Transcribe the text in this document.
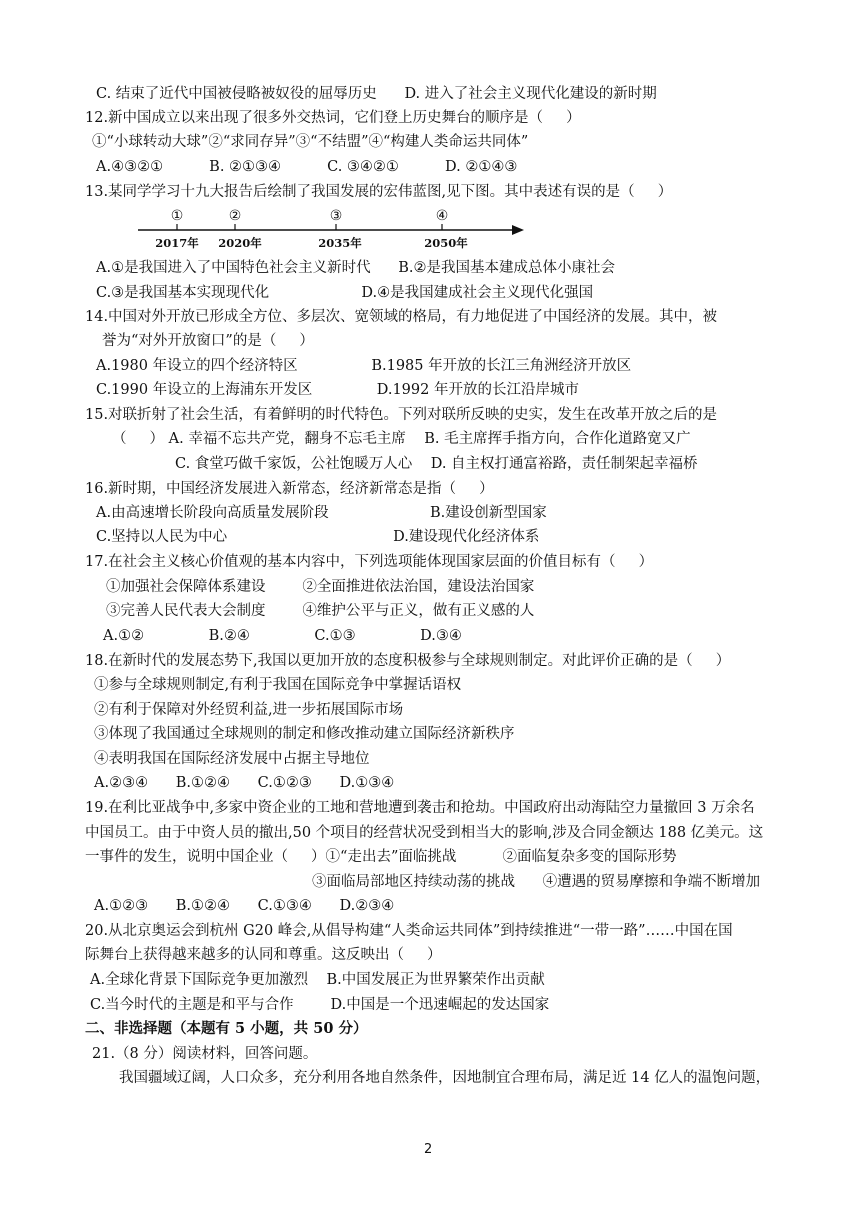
C. 结束了近代中国被侵略被奴役的屈辱历史      D. 进入了社会主义现代化建设的新时期
12.新中国成立以来出现了很多外交热词，它们登上历史舞台的顺序是（     ）
①“小球转动大球”②“求同存异”③“不结盟”④“构建人类命运共同体”
A.④③②①          B. ②①③④          C. ③④②①          D. ②①④③
13.某同学学习十九大报告后绘制了我国发展的宏伟蓝图,见下图。其中表述有误的是（     ）
①	②	③	④
2017年 2020年	2035年	2050年
A.①是我国进入了中国特色社会主义新时代      B.②是我国基本建成总体小康社会
C.③是我国基本实现现代化                    D.④是我国建成社会主义现代化强国
14.中国对外开放已形成全方位、多层次、宽领域的格局，有力地促进了中国经济的发展。其中，被
誉为“对外开放窗口”的是（     ）
A.1980 年设立的四个经济特区                B.1985 年开放的长江三角洲经济开放区
C.1990 年设立的上海浦东开发区              D.1992 年开放的长江沿岸城市
15.对联折射了社会生活，有着鲜明的时代特色。下列对联所反映的史实，发生在改革开放之后的是
（     ） A. 幸福不忘共产党，翻身不忘毛主席    B. 毛主席挥手指方向，合作化道路宽又广
C. 食堂巧做千家饭，公社饱暖万人心    D. 自主权打通富裕路，责任制架起幸福桥
16.新时期，中国经济发展进入新常态，经济新常态是指（     ）
A.由高速增长阶段向高质量发展阶段                      B.建设创新型国家
C.坚持以人民为中心                                    D.建设现代化经济体系
17.在社会主义核心价值观的基本内容中，下列选项能体现国家层面的价值目标有（     ）
①加强社会保障体系建设        ②全面推进依法治国，建设法治国家
③完善人民代表大会制度        ④维护公平与正义，做有正义感的人
A.①②              B.②④              C.①③              D.③④
18.在新时代的发展态势下,我国以更加开放的态度积极参与全球规则制定。对此评价正确的是（     ）
①参与全球规则制定,有利于我国在国际竞争中掌握话语权
②有利于保障对外经贸利益,进一步拓展国际市场
③体现了我国通过全球规则的制定和修改推动建立国际经济新秩序
④表明我国在国际经济发展中占据主导地位
A.②③④      B.①②④      C.①②③      D.①③④
19.在利比亚战争中,多家中资企业的工地和营地遭到袭击和抢劫。中国政府出动海陆空力量撤回 3 万余名
中国员工。由于中资人员的撤出,50 个项目的经营状况受到相当大的影响,涉及合同金额达 188 亿美元。这
一事件的发生，说明中国企业（     ）①“走出去”面临挑战          ②面临复杂多变的国际形势
③面临局部地区持续动荡的挑战      ④遭遇的贸易摩擦和争端不断增加
A.①②③      B.①②④      C.①③④      D.②③④
20.从北京奥运会到杭州 G20 峰会,从倡导构建“人类命运共同体”到持续推进“一带一路”……中国在国
际舞台上获得越来越多的认同和尊重。这反映出（     ）
A.全球化背景下国际竞争更加激烈    B.中国发展正为世界繁荣作出贡献
C.当今时代的主题是和平与合作        D.中国是一个迅速崛起的发达国家
二、非选择题（本题有 5 小题，共 50 分）
21.（8 分）阅读材料，回答问题。
我国疆域辽阔，人口众多，充分利用各地自然条件，因地制宜合理布局，满足近 14 亿人的温饱问题，
2
